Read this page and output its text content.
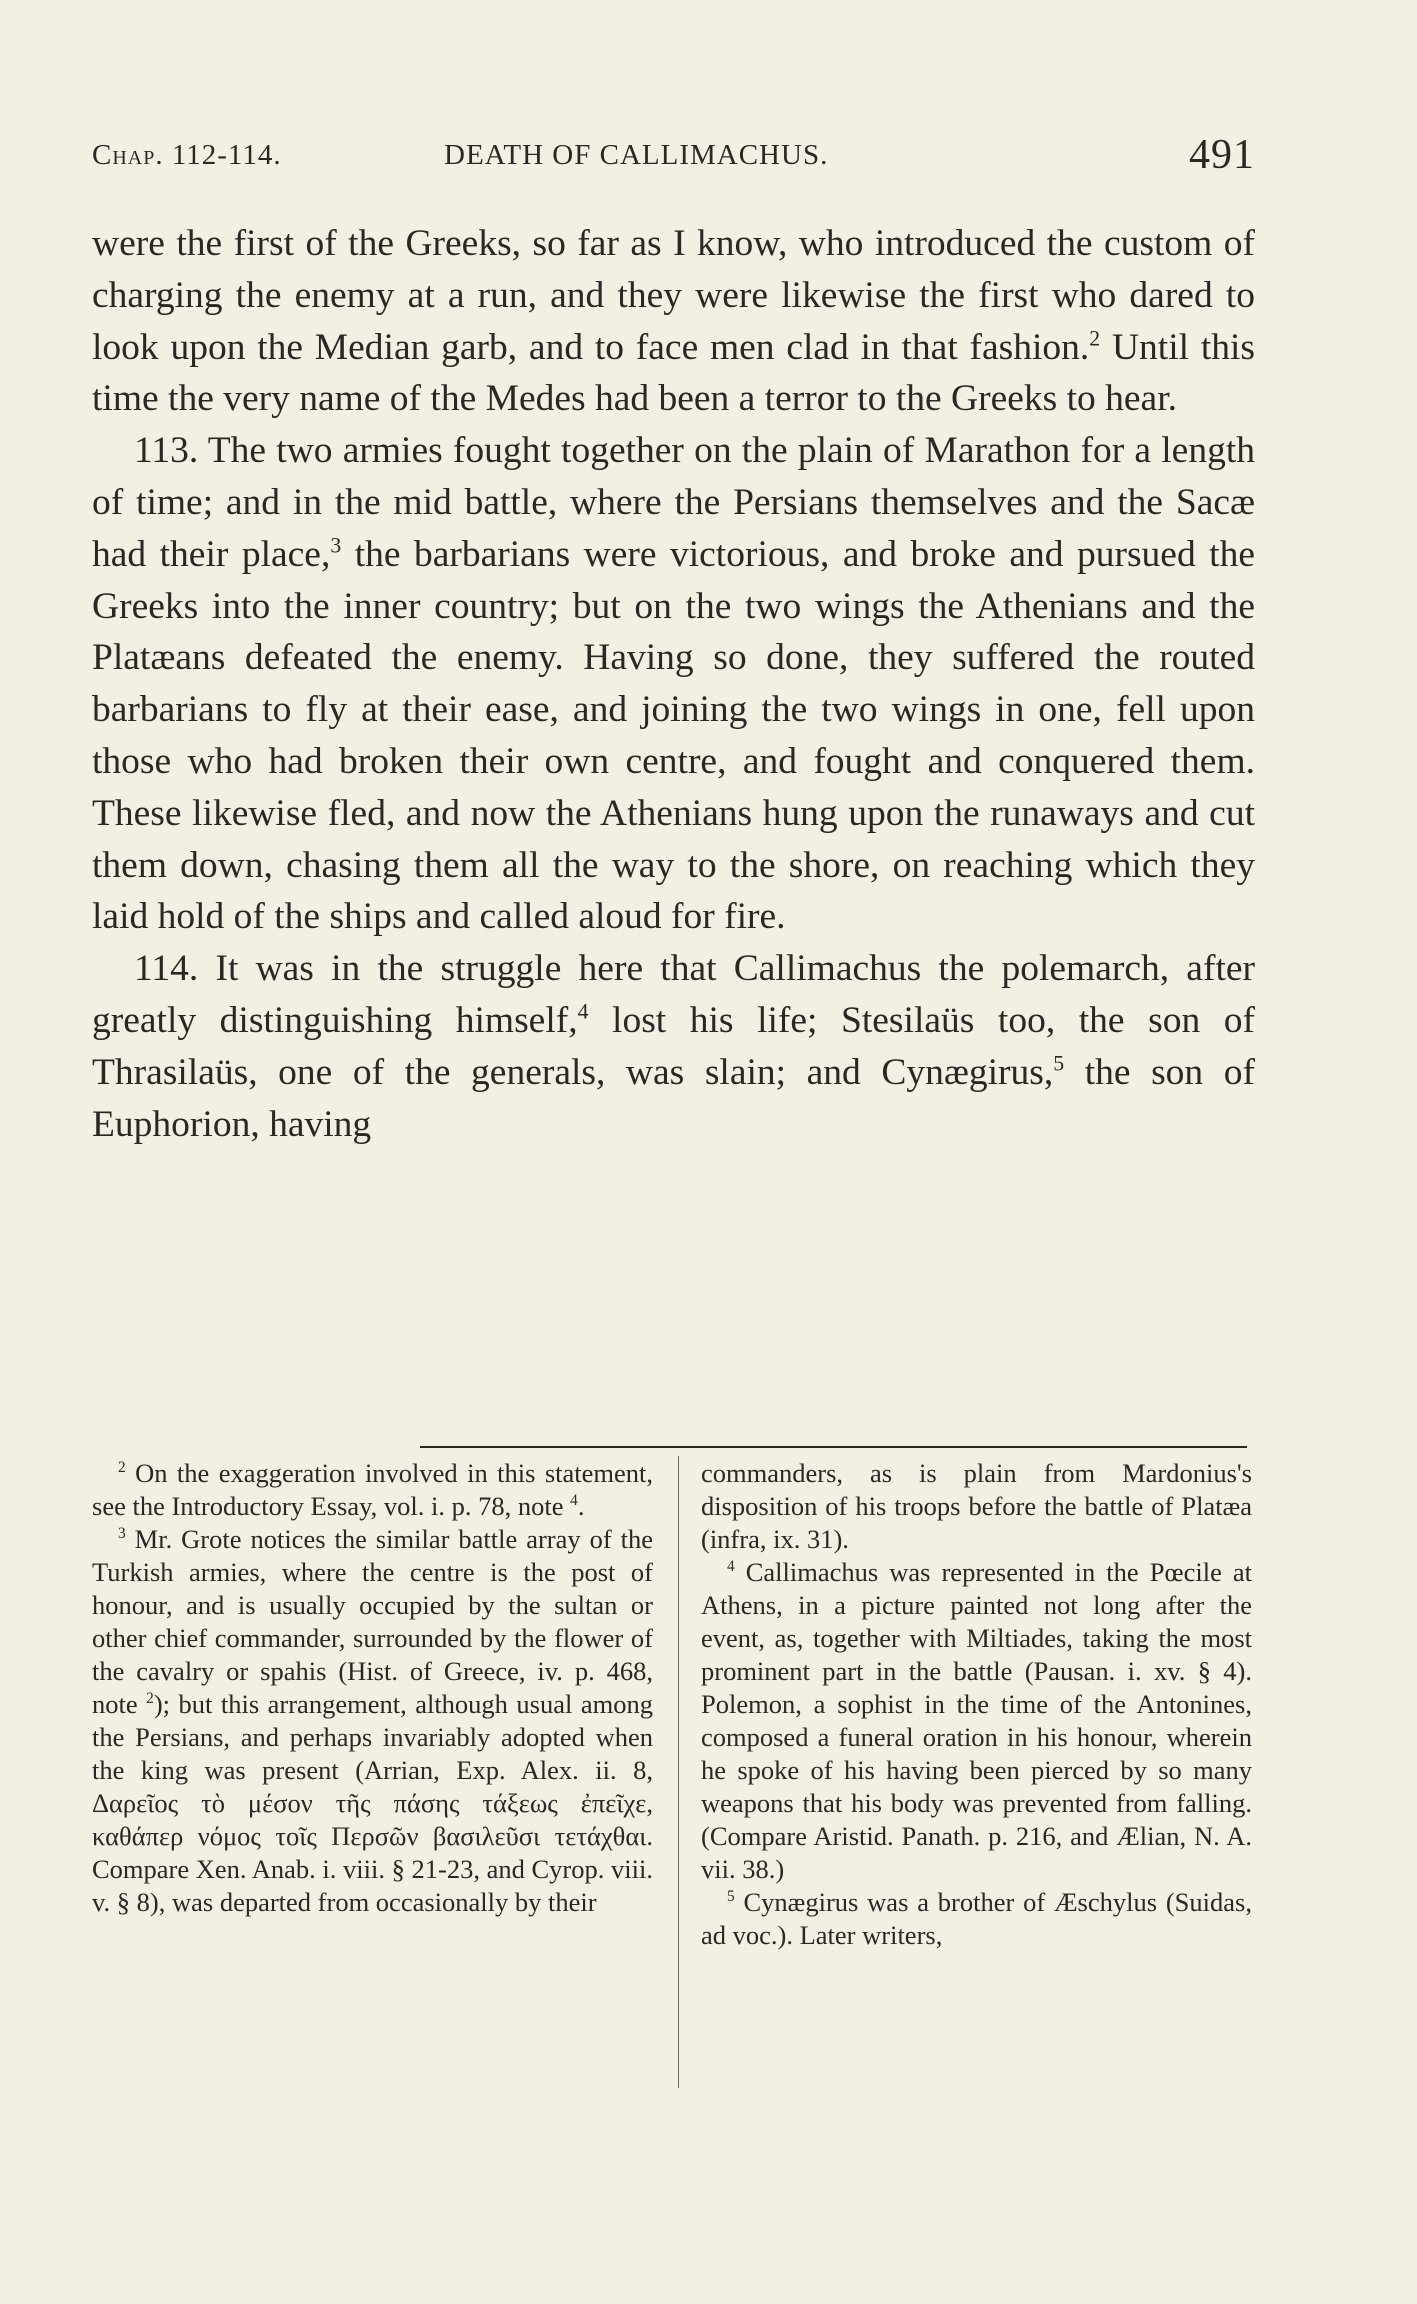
Chap. 112-114.	DEATH OF CALLIMACHUS.	491

were the first of the Greeks, so far as I know, who introduced the custom of charging the enemy at a run, and they were likewise the first who dared to look upon the Median garb, and to face men clad in that fashion.$^2$ Until this time the very name of the Medes had been a terror to the Greeks to hear.

113. The two armies fought together on the plain of Marathon for a length of time; and in the mid battle, where the Persians themselves and the Sacæ had their place,$^3$ the barbarians were victorious, and broke and pursued the Greeks into the inner country; but on the two wings the Athenians and the Platæans defeated the enemy. Having so done, they suffered the routed barbarians to fly at their ease, and joining the two wings in one, fell upon those who had broken their own centre, and fought and conquered them. These likewise fled, and now the Athenians hung upon the runaways and cut them down, chasing them all the way to the shore, on reaching which they laid hold of the ships and called aloud for fire.

114. It was in the struggle here that Callimachus the polemarch, after greatly distinguishing himself,$^4$ lost his life; Stesilaüs too, the son of Thrasilaüs, one of the generals, was slain; and Cynægirus,$^5$ the son of Euphorion, having

$^2$ On the exaggeration involved in this statement, see the Introductory Essay, vol. i. p. 78, note $^4$.

$^3$ Mr. Grote notices the similar battle array of the Turkish armies, where the centre is the post of honour, and is usually occupied by the sultan or other chief commander, surrounded by the flower of the cavalry or spahis (Hist. of Greece, iv. p. 468, note $^2$); but this arrangement, although usual among the Persians, and perhaps invariably adopted when the king was present (Arrian, Exp. Alex. ii. 8, Δαρεῖος τὸ μέσον τῆς πάσης τάξεως ἐπεῖχε, καθάπερ νόμος τοῖς Περσῶν βασιλεῦσι τετάχθαι. Compare Xen. Anab. i. viii. § 21-23, and Cyrop. viii. v. § 8), was departed from occasionally by their

commanders, as is plain from Mardonius's disposition of his troops before the battle of Platæa (infra, ix. 31).

$^4$ Callimachus was represented in the Pœcile at Athens, in a picture painted not long after the event, as, together with Miltiades, taking the most prominent part in the battle (Pausan. i. xv. § 4). Polemon, a sophist in the time of the Antonines, composed a funeral oration in his honour, wherein he spoke of his having been pierced by so many weapons that his body was prevented from falling. (Compare Aristid. Panath. p. 216, and Ælian, N. A. vii. 38.)

$^5$ Cynægirus was a brother of Æschylus (Suidas, ad voc.). Later writers,
